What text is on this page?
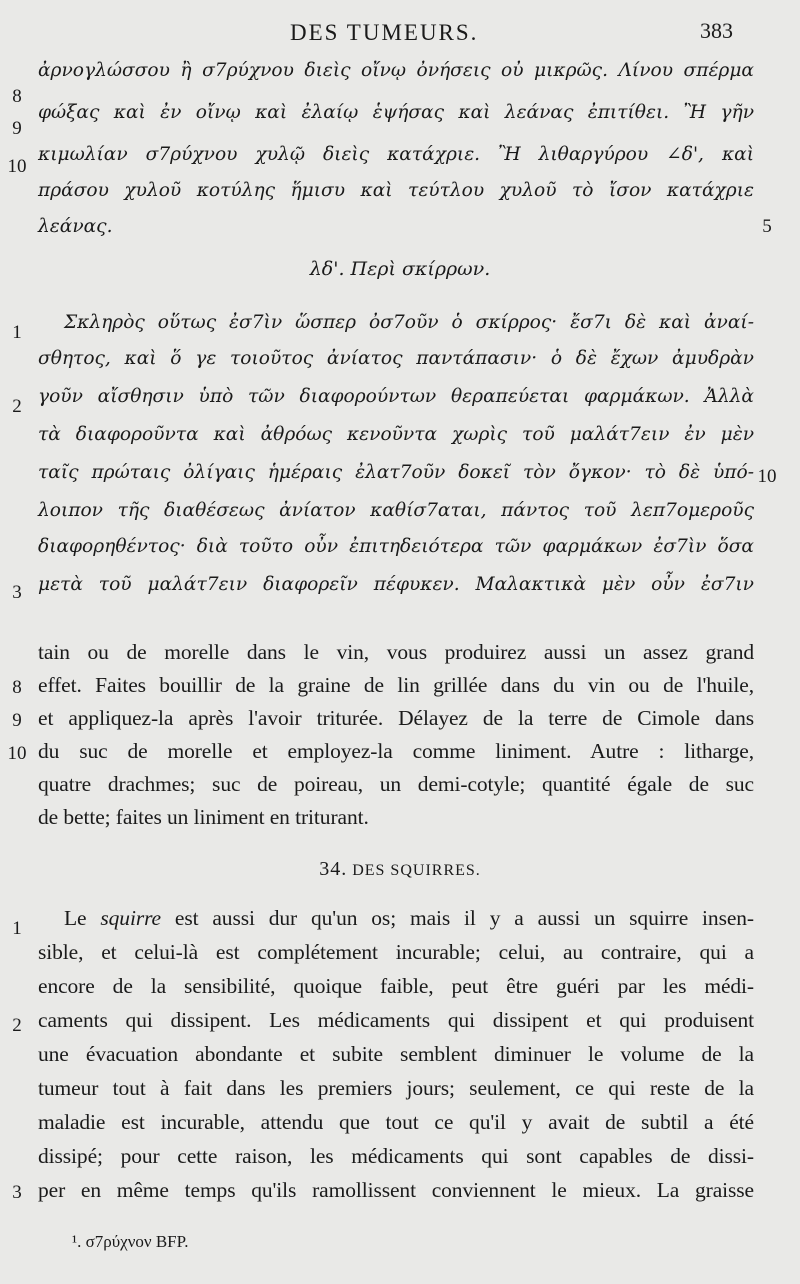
DES TUMEURS.	383
ἀρνογλώσσου ἢ σ7ρύχνου διεὶς οἴνῳ ὀνήσεις οὐ μικρῶς. Λίνου σπέρμα
φώξας καὶ ἐν οἴνῳ καὶ ἐλαίῳ ἑψήσας καὶ λεάνας ἐπιτίθει. Ἢ γῆν
κιμωλίαν σ7ρύχνου χυλῷ διεὶς κατάχριε. Ἢ λιθαργύρου ∠δ', καὶ
πράσου χυλοῦ κοτύλης ἥμισυ καὶ τεύτλου χυλοῦ τὸ ἴσον κατάχριε
λεάνας.
8
9
10
5
λδ'. Περὶ σκίρρων.
Σκληρὸς οὕτως ἐσ7ὶν ὥσπερ ὀσ7οῦν ὁ σκίρρος· ἔσ7ι δὲ καὶ ἀναί-
σθητος, καὶ ὅ γε τοιοῦτος ἀνίατος παντάπασιν· ὁ δὲ ἔχων ἀμυδρὰν
γοῦν αἴσθησιν ὑπὸ τῶν διαφορούντων θεραπεύεται φαρμάκων. Ἀλλὰ
τὰ διαφοροῦντα καὶ ἀθρόως κενοῦντα χωρὶς τοῦ μαλάτ7ειν ἐν μὲν
ταῖς πρώταις ὀλίγαις ἡμέραις ἐλατ7οῦν δοκεῖ τὸν ὄγκον· τὸ δὲ ὑπό-
λοιπον τῆς διαθέσεως ἀνίατον καθίσ7αται, πάντος τοῦ λεπ7ομεροῦς
διαφορηθέντος· διὰ τοῦτο οὖν ἐπιτηδειότερα τῶν φαρμάκων ἐσ7ὶν ὅσα
μετὰ τοῦ μαλάτ7ειν διαφορεῖν πέφυκεν. Μαλακτικὰ μὲν οὖν ἐσ7ιν
1
2
3
10
tain ou de morelle dans le vin, vous produirez aussi un assez grand
effet. Faites bouillir de la graine de lin grillée dans du vin ou de l'huile,
et appliquez-la après l'avoir triturée. Délayez de la terre de Cimole dans
du suc de morelle et employez-la comme liniment. Autre : litharge,
quatre drachmes; suc de poireau, un demi-cotyle; quantité égale de suc
de bette; faites un liniment en triturant.
8
9
10
34. DES SQUIRRES.
Le squirre est aussi dur qu'un os; mais il y a aussi un squirre insen-
sible, et celui-là est complétement incurable; celui, au contraire, qui a
encore de la sensibilité, quoique faible, peut être guéri par les médi-
caments qui dissipent. Les médicaments qui dissipent et qui produisent
une évacuation abondante et subite semblent diminuer le volume de la
tumeur tout à fait dans les premiers jours; seulement, ce qui reste de la
maladie est incurable, attendu que tout ce qu'il y avait de subtil a été
dissipé; pour cette raison, les médicaments qui sont capables de dissi-
per en même temps qu'ils ramollissent conviennent le mieux. La graisse
1
2
3
¹. σ7ρύχνον BFP.
